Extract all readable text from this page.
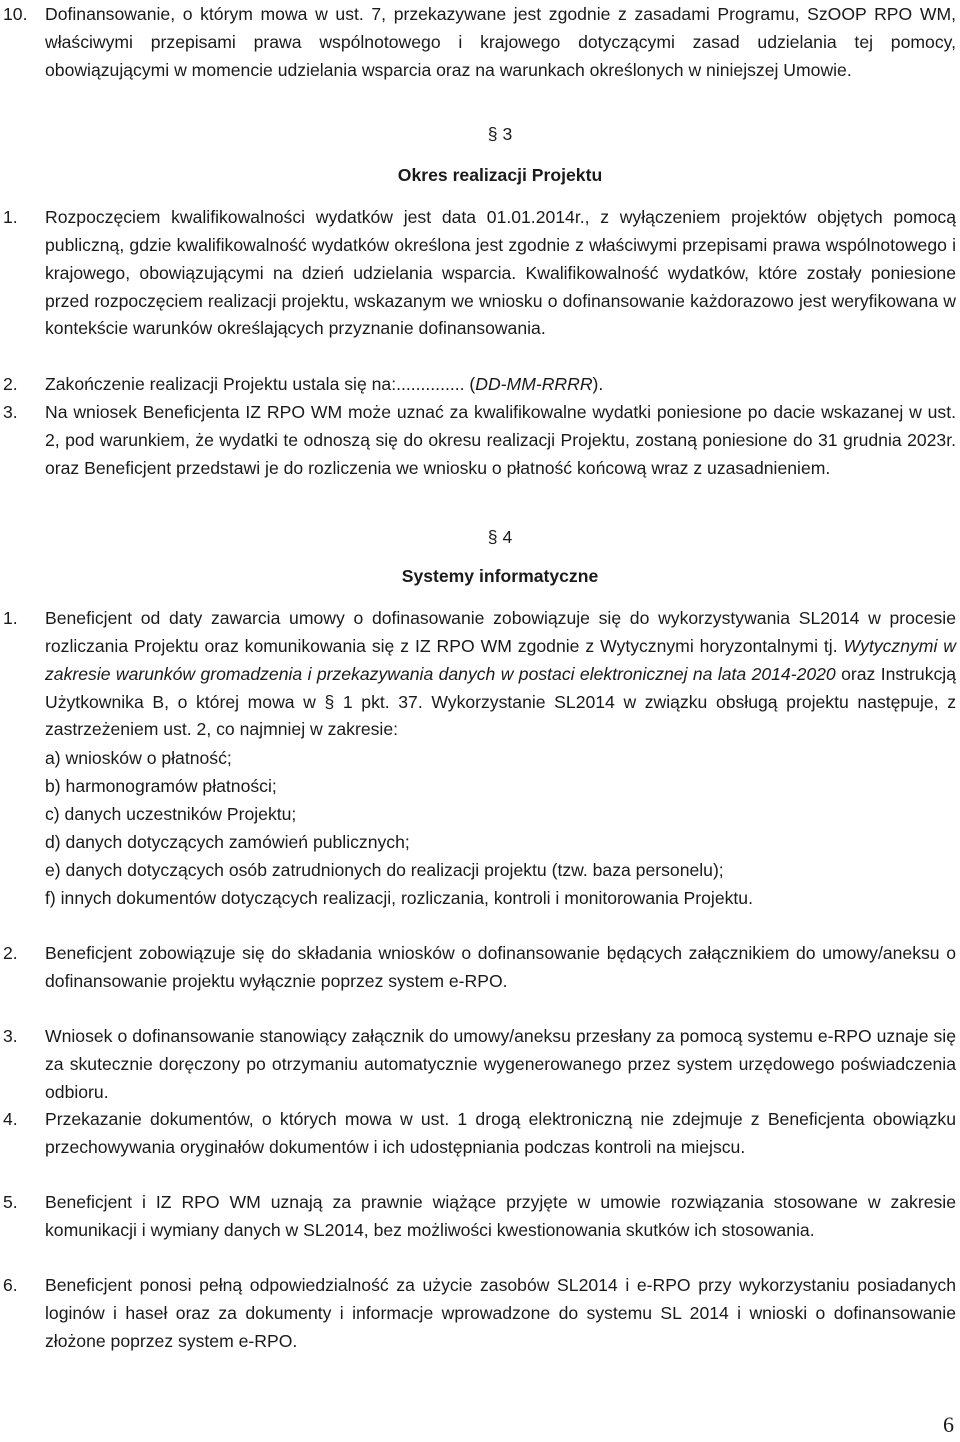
10. Dofinansowanie, o którym mowa w ust. 7, przekazywane jest zgodnie z zasadami Programu, SzOOP RPO WM, właściwymi przepisami prawa wspólnotowego i krajowego dotyczącymi zasad udzielania tej pomocy, obowiązującymi w momencie udzielania wsparcia oraz na warunkach określonych w niniejszej Umowie.
§ 3
Okres realizacji Projektu
1. Rozpoczęciem kwalifikowalności wydatków jest data 01.01.2014r., z wyłączeniem projektów objętych pomocą publiczną, gdzie kwalifikowalność wydatków określona jest zgodnie z właściwymi przepisami prawa wspólnotowego i krajowego, obowiązującymi na dzień udzielania wsparcia. Kwalifikowalność wydatków, które zostały poniesione przed rozpoczęciem realizacji projektu, wskazanym we wniosku o dofinansowanie każdorazowo jest weryfikowana w kontekście warunków określających przyznanie dofinansowania.
2. Zakończenie realizacji Projektu ustala się na:.............. (DD-MM-RRRR).
3. Na wniosek Beneficjenta IZ RPO WM może uznać za kwalifikowalne wydatki poniesione po dacie wskazanej w ust. 2, pod warunkiem, że wydatki te odnoszą się do okresu realizacji Projektu, zostaną poniesione do 31 grudnia 2023r. oraz Beneficjent przedstawi je do rozliczenia we wniosku o płatność końcową wraz z uzasadnieniem.
§ 4
Systemy informatyczne
1. Beneficjent od daty zawarcia umowy o dofinasowanie zobowiązuje się do wykorzystywania SL2014 w procesie rozliczania Projektu oraz komunikowania się z IZ RPO WM zgodnie z Wytycznymi horyzontalnymi tj. Wytycznymi w zakresie warunków gromadzenia i przekazywania danych w postaci elektronicznej na lata 2014-2020 oraz Instrukcją Użytkownika B, o której mowa w § 1 pkt. 37. Wykorzystanie SL2014 w związku obsługą projektu następuje, z zastrzeżeniem ust. 2, co najmniej w zakresie:
a) wniosków o płatność;
b) harmonogramów płatności;
c) danych uczestników Projektu;
d) danych dotyczących zamówień publicznych;
e) danych dotyczących osób zatrudnionych do realizacji projektu (tzw. baza personelu);
f) innych dokumentów dotyczących realizacji, rozliczania, kontroli i monitorowania Projektu.
2. Beneficjent zobowiązuje się do składania wniosków o dofinansowanie będących załącznikiem do umowy/aneksu o dofinansowanie projektu wyłącznie poprzez system e-RPO.
3. Wniosek o dofinansowanie stanowiący załącznik do umowy/aneksu przesłany za pomocą systemu e-RPO uznaje się za skutecznie doręczony po otrzymaniu automatycznie wygenerowanego przez system urzędowego poświadczenia odbioru.
4. Przekazanie dokumentów, o których mowa w ust. 1 drogą elektroniczną nie zdejmuje z Beneficjenta obowiązku przechowywania oryginałów dokumentów i ich udostępniania podczas kontroli na miejscu.
5. Beneficjent i IZ RPO WM uznają za prawnie wiążące przyjęte w umowie rozwiązania stosowane w zakresie komunikacji i wymiany danych w SL2014, bez możliwości kwestionowania skutków ich stosowania.
6. Beneficjent ponosi pełną odpowiedzialność za użycie zasobów SL2014 i e-RPO przy wykorzystaniu posiadanych loginów i haseł oraz za dokumenty i informacje wprowadzone do systemu SL 2014 i wnioski o dofinansowanie złożone poprzez system e-RPO.
6
